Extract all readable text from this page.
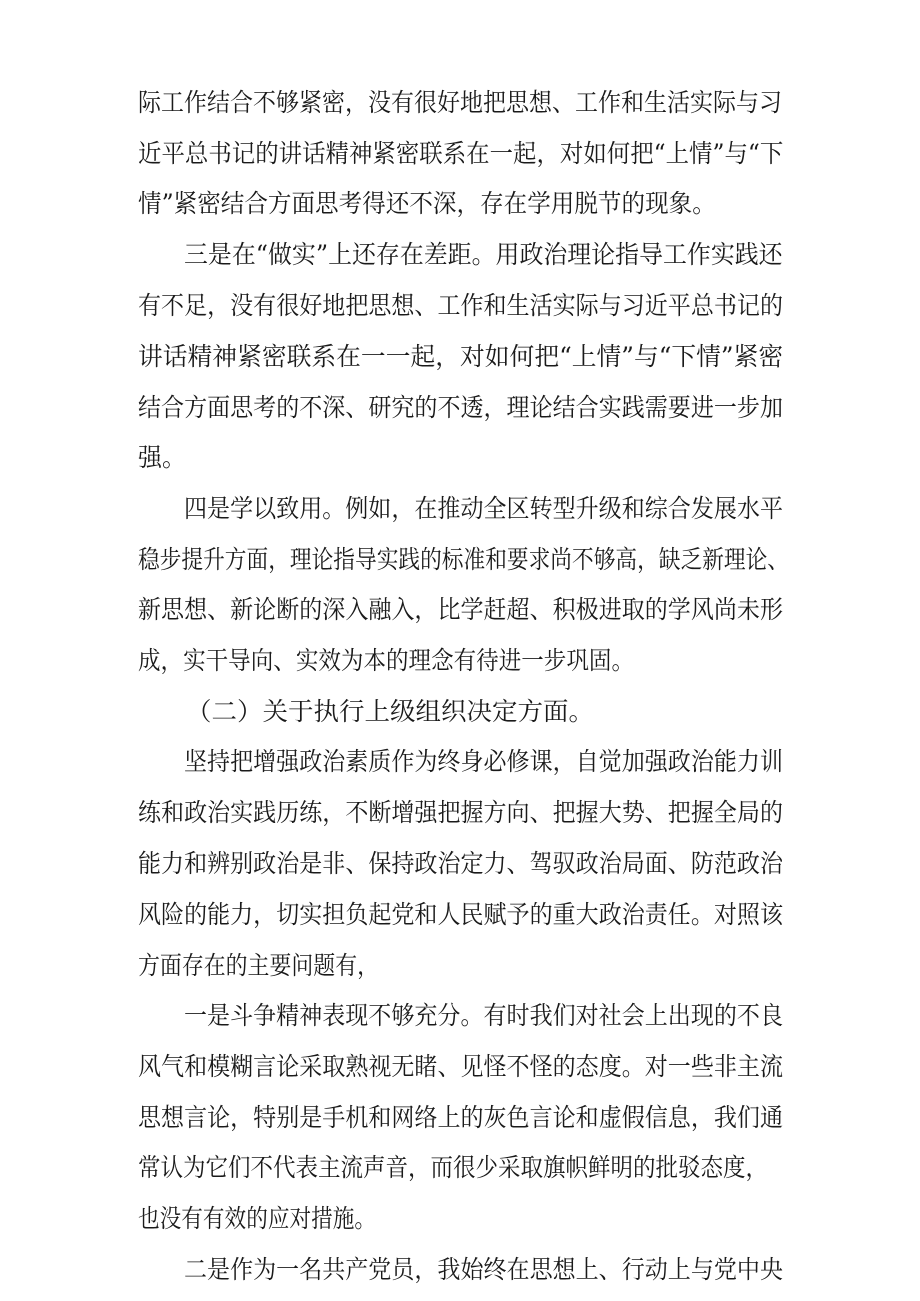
际工作结合不够紧密，没有很好地把思想、工作和生活实际与习
近平总书记的讲话精神紧密联系在一起，对如何把“上情”与“下
情”紧密结合方面思考得还不深，存在学用脱节的现象。
三是在“做实”上还存在差距。用政治理论指导工作实践还
有不足，没有很好地把思想、工作和生活实际与习近平总书记的
讲话精神紧密联系在一一起，对如何把“上情”与“下情”紧密
结合方面思考的不深、研究的不透，理论结合实践需要进一步加
强。
四是学以致用。例如，在推动全区转型升级和综合发展水平
稳步提升方面，理论指导实践的标准和要求尚不够高，缺乏新理论、
新思想、新论断的深入融入，比学赶超、积极进取的学风尚未形
成，实干导向、实效为本的理念有待进一步巩固。
（二）关于执行上级组织决定方面。
坚持把增强政治素质作为终身必修课，自觉加强政治能力训
练和政治实践历练，不断增强把握方向、把握大势、把握全局的
能力和辨别政治是非、保持政治定力、驾驭政治局面、防范政治
风险的能力，切实担负起党和人民赋予的重大政治责任。对照该
方面存在的主要问题有，
一是斗争精神表现不够充分。有时我们对社会上出现的不良
风气和模糊言论采取熟视无睹、见怪不怪的态度。对一些非主流
思想言论，特别是手机和网络上的灰色言论和虚假信息，我们通
常认为它们不代表主流声音，而很少采取旗帜鲜明的批驳态度，
也没有有效的应对措施。
二是作为一名共产党员，我始终在思想上、行动上与党中央
